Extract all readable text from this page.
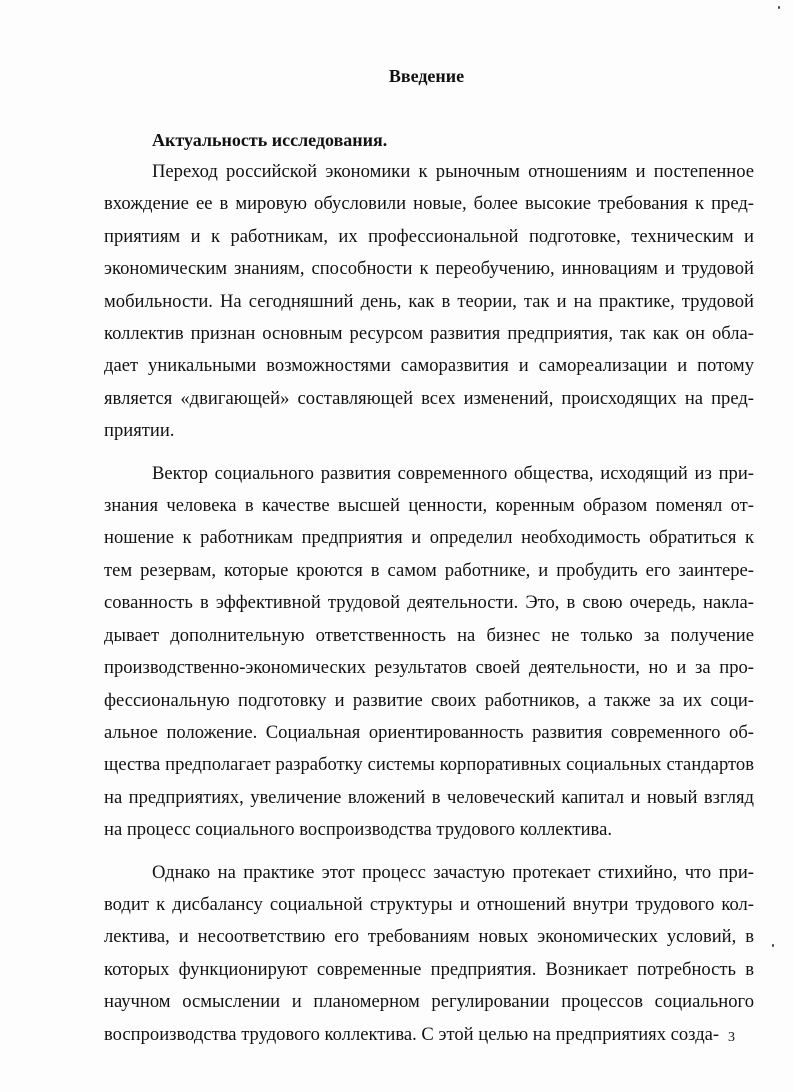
Введение
Актуальность исследования.

Переход российской экономики к рыночным отношениям и постепенное вхождение ее в мировую обусловили новые, более высокие требования к предприятиям и к работникам, их профессиональной подготовке, техническим и экономическим знаниям, способности к переобучению, инновациям и трудовой мобильности. На сегодняшний день, как в теории, так и на практике, трудовой коллектив признан основным ресурсом развития предприятия, так как он обладает уникальными возможностями саморазвития и самореализации и потому является «двигающей» составляющей всех изменений, происходящих на предприятии.

Вектор социального развития современного общества, исходящий из признания человека в качестве высшей ценности, коренным образом поменял отношение к работникам предприятия и определил необходимость обратиться к тем резервам, которые кроются в самом работнике, и пробудить его заинтересованность в эффективной трудовой деятельности. Это, в свою очередь, накладывает дополнительную ответственность на бизнес не только за получение производственно-экономических результатов своей деятельности, но и за профессиональную подготовку и развитие своих работников, а также за их социальное положение. Социальная ориентированность развития современного общества предполагает разработку системы корпоративных социальных стандартов на предприятиях, увеличение вложений в человеческий капитал и новый взгляд на процесс социального воспроизводства трудового коллектива.

Однако на практике этот процесс зачастую протекает стихийно, что приводит к дисбалансу социальной структуры и отношений внутри трудового коллектива, и несоответствию его требованиям новых экономических условий, в которых функционируют современные предприятия. Возникает потребность в научном осмыслении и планомерном регулировании процессов социального воспроизводства трудового коллектива. С этой целью на предприятиях созда- 3
